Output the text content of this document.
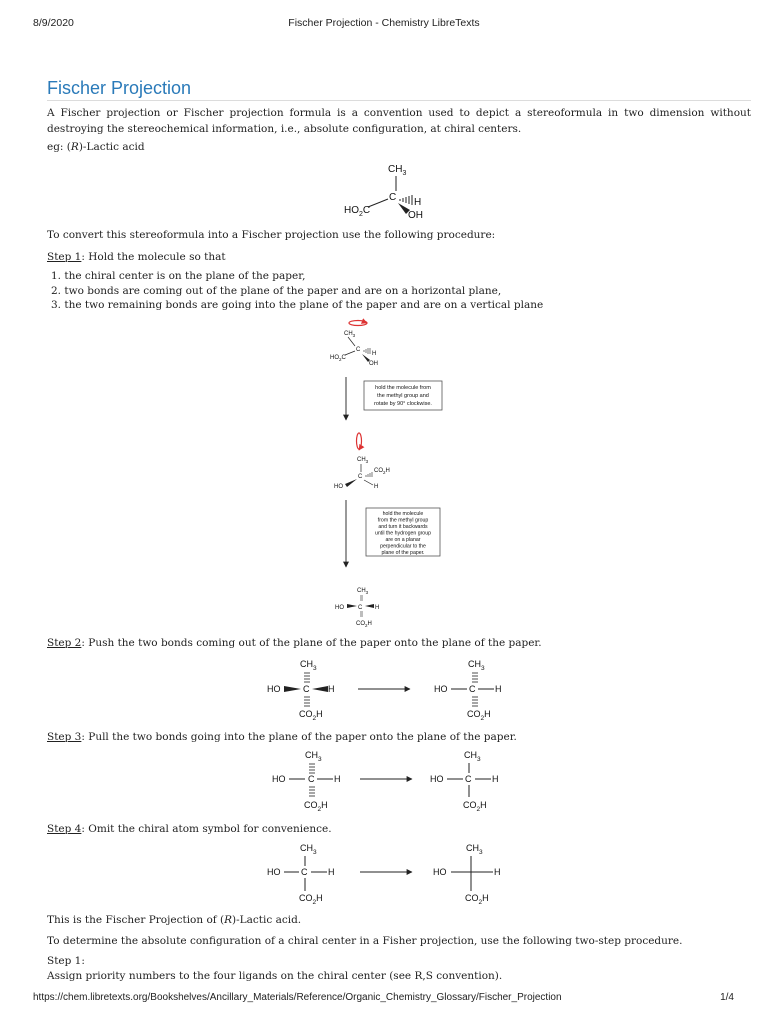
8/9/2020	Fischer Projection - Chemistry LibreTexts
Fischer Projection
A Fischer projection or Fischer projection formula is a convention used to depict a stereoformula in two dimension without destroying the stereochemical information, i.e., absolute configuration, at chiral centers.
eg: (R)-Lactic acid
To convert this stereoformula into a Fischer projection use the following procedure:
Step 1: Hold the molecule so that
1. the chiral center is on the plane of the paper,
2. two bonds are coming out of the plane of the paper and are on a horizontal plane,
3. the two remaining bonds are going into the plane of the paper and are on a vertical plane
Step 2: Push the two bonds coming out of the plane of the paper onto the plane of the paper.
Step 3: Pull the two bonds going into the plane of the paper onto the plane of the paper.
Step 4: Omit the chiral atom symbol for convenience.
This is the Fischer Projection of (R)-Lactic acid.
To determine the absolute configuration of a chiral center in a Fisher projection, use the following two-step procedure.
Step 1:
Assign priority numbers to the four ligands on the chiral center (see R,S convention).
$CH_3$
C
$HO_2C$
H
OH
$CH_3$
C
$HO_2C$
H
OH
hold the molecule from
the methyl group and
rotate by 90° clockwise.
$CH_3$
C
$CO_2H$
HO	H
hold the molecule
from the methyl group
and turn it backwards
until the hydrogen group
are on a planar
perpendicular to the
plane of the paper.
$CH_3$
C
HO	H
$CO_2H$
$CH_3$
C
HO	H
$CO_2H$
$CH_3$
C
HO	H
$CO_2H$
$CH_3$
C
HO	H
$CO_2H$
$CH_3$
C
HO	H
$CO_2H$
$CH_3$
C
HO	H
$CO_2H$
$CH_3$
HO	H
$CO_2H$
https://chem.libretexts.org/Bookshelves/Ancillary_Materials/Reference/Organic_Chemistry_Glossary/Fischer_Projection	1/4
